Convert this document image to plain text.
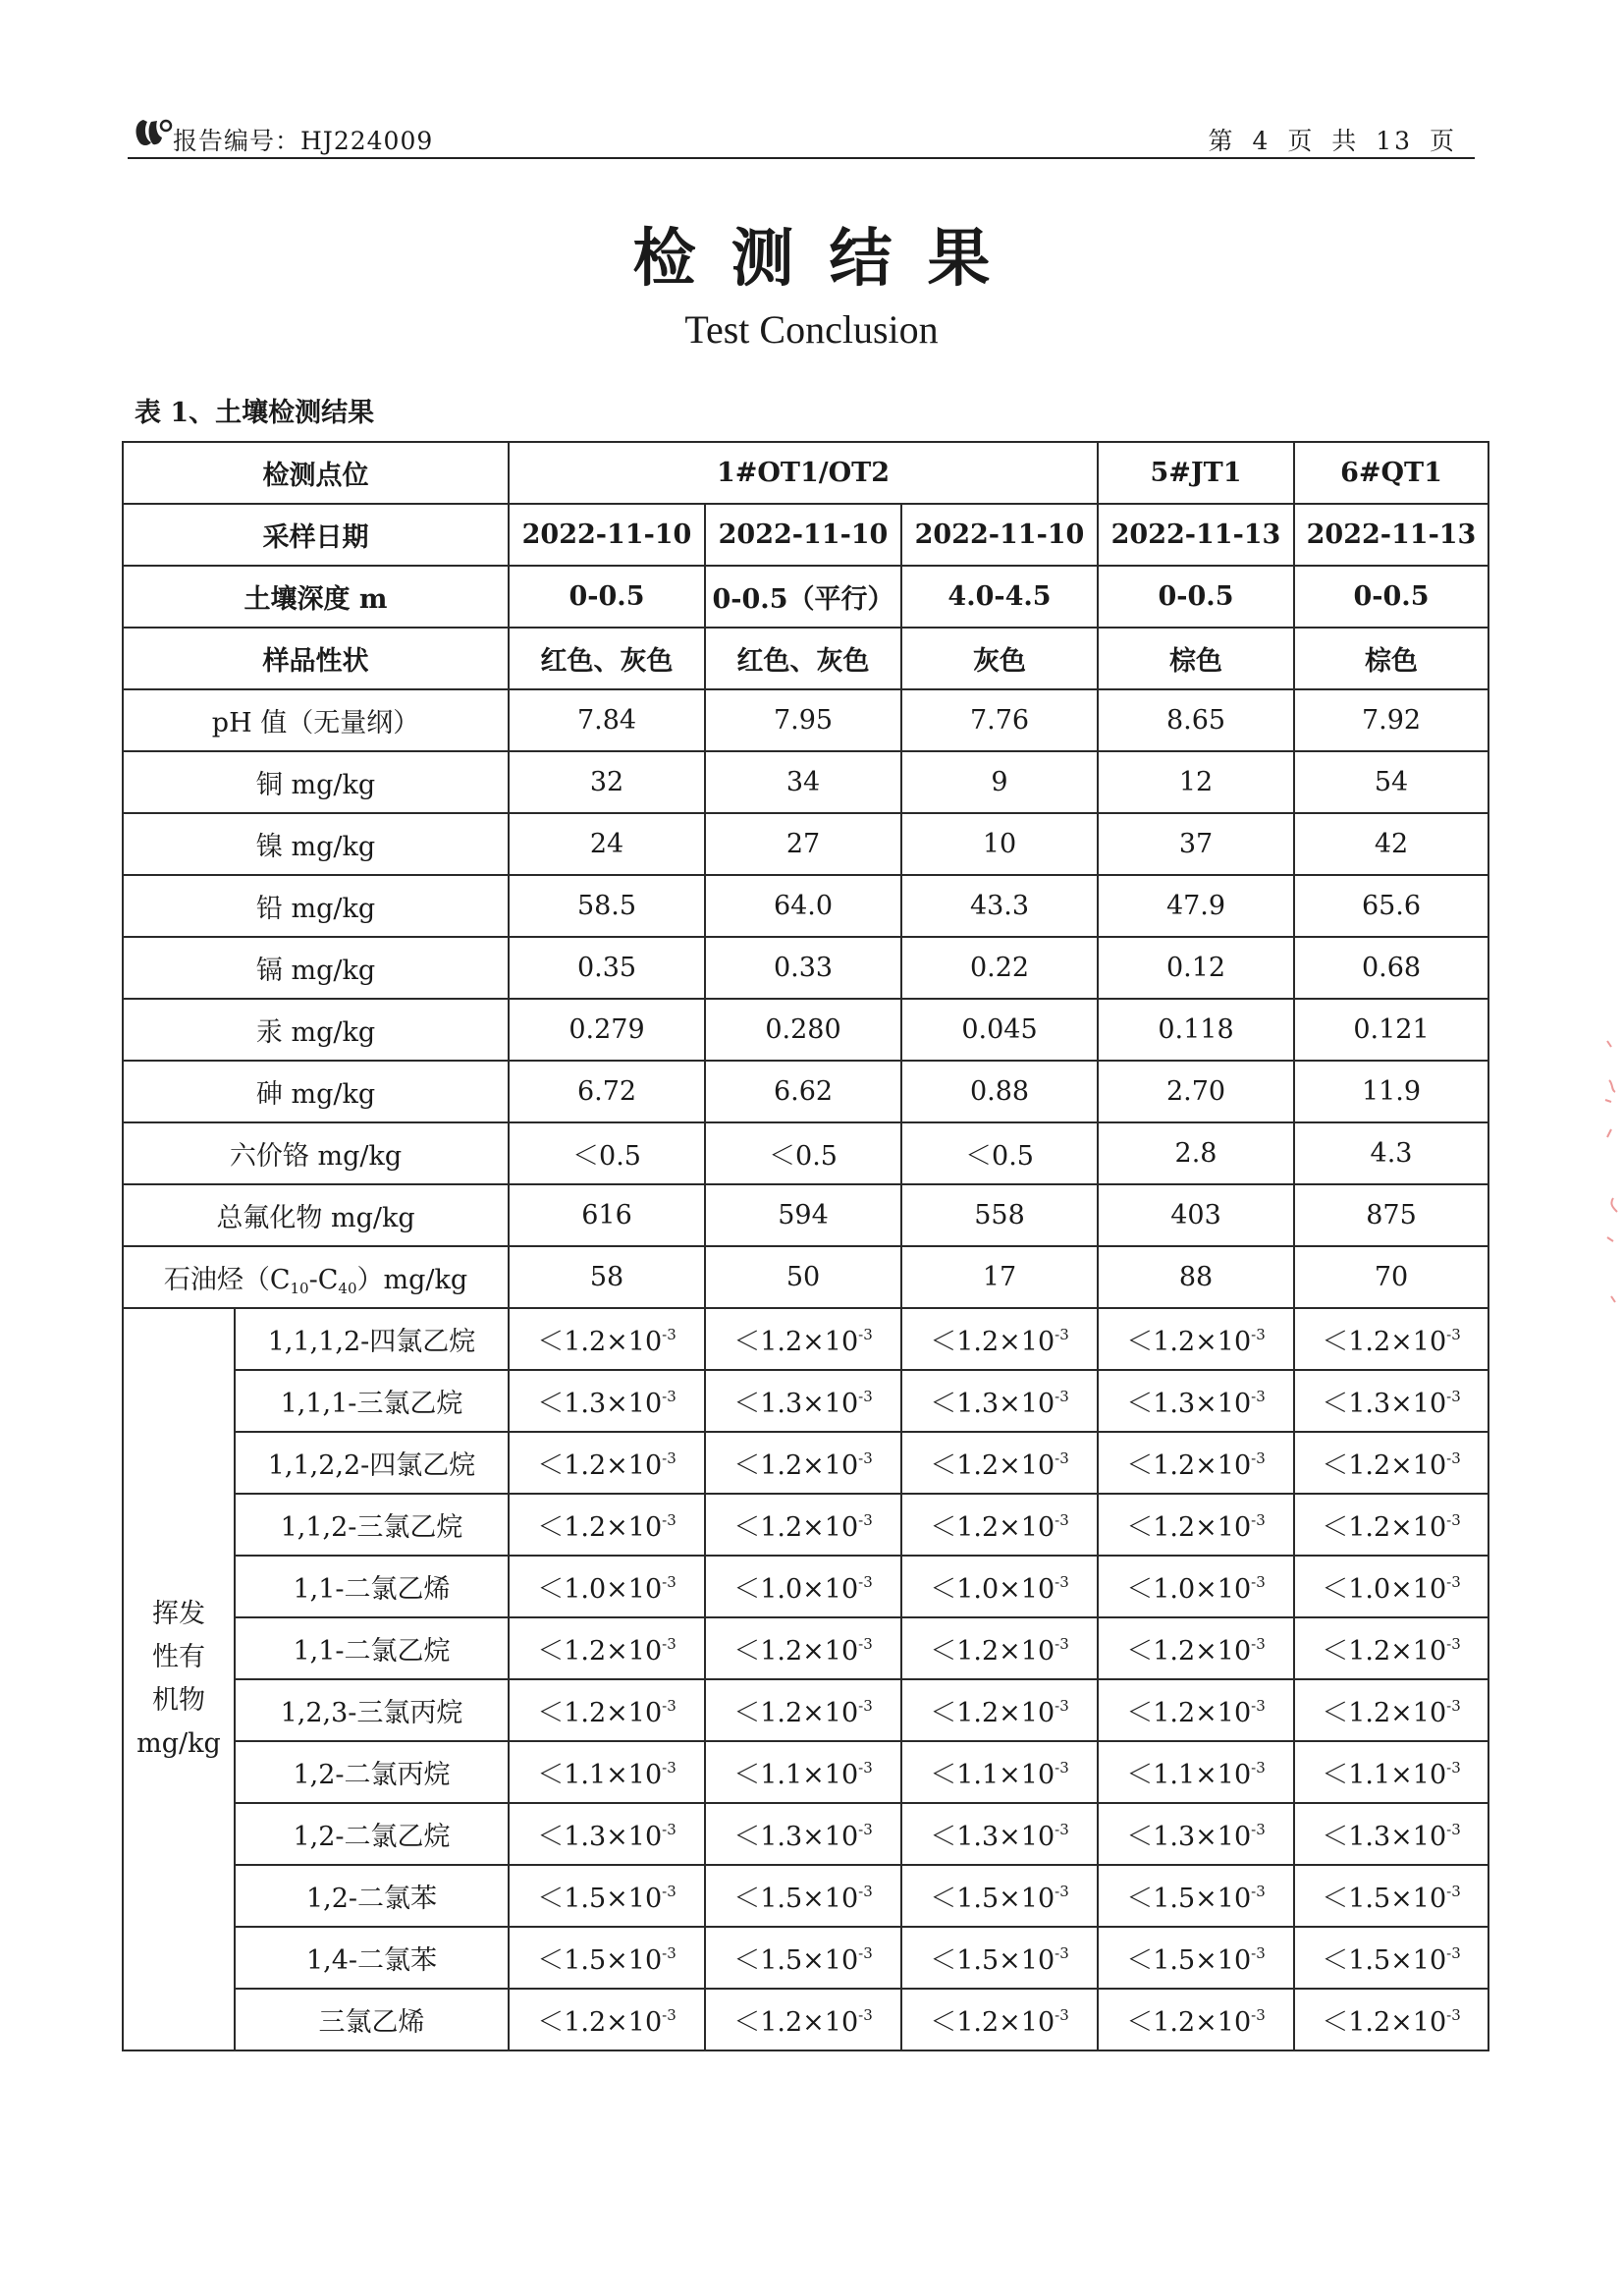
报告编号：HJ224009	第 4 页 共 13 页
检测结果
Test Conclusion
表 1、土壤检测结果
检测点位		1#OT1/OT2			5#JT1	6#QT1
采样日期		2022-11-10	2022-11-10	2022-11-10	2022-11-13	2022-11-13
土壤深度 m		0-0.5	0-0.5（平行）	4.0-4.5	0-0.5	0-0.5
样品性状		红色、灰色	红色、灰色	灰色	棕色	棕色
pH 值（无量纲）		7.84	7.95	7.76	8.65	7.92
铜 mg/kg		32	34	9	12	54
镍 mg/kg		24	27	10	37	42
铅 mg/kg		58.5	64.0	43.3	47.9	65.6
镉 mg/kg		0.35	0.33	0.22	0.12	0.68
汞 mg/kg		0.279	0.280	0.045	0.118	0.121
砷 mg/kg		6.72	6.62	0.88	2.70	11.9
六价铬 mg/kg		＜0.5	＜0.5	＜0.5	2.8	4.3
总氟化物 mg/kg		616	594	558	403	875
石油烃$(C_{10}-C_{40})mg/kg$		58	50	17	88	70

挥发
性有
机物
mg/kg	1,1,1,2-四氯乙烷	$<1.2\times 10^{-3}$	$<1.2\times 10^{-3}$	$<1.2\times 10^{-3}$	$<1.2\times 10^{-3}$	$<1.2\times 10^{-3}$
	1,1,1-三氯乙烷	$<1.3\times 10^{-3}$	$<1.3\times 10^{-3}$	$<1.3\times 10^{-3}$	$<1.3\times 10^{-3}$	$<1.3\times 10^{-3}$
	1,1,2,2-四氯乙烷	$<1.2\times 10^{-3}$	$<1.2\times 10^{-3}$	$<1.2\times 10^{-3}$	$<1.2\times 10^{-3}$	$<1.2\times 10^{-3}$
	1,1,2-三氯乙烷	$<1.2\times 10^{-3}$	$<1.2\times 10^{-3}$	$<1.2\times 10^{-3}$	$<1.2\times 10^{-3}$	$<1.2\times 10^{-3}$
	1,1-二氯乙烯	$<1.0\times 10^{-3}$	$<1.0\times 10^{-3}$	$<1.0\times 10^{-3}$	$<1.0\times 10^{-3}$	$<1.0\times 10^{-3}$
	1,1-二氯乙烷	$<1.2\times 10^{-3}$	$<1.2\times 10^{-3}$	$<1.2\times 10^{-3}$	$<1.2\times 10^{-3}$	$<1.2\times 10^{-3}$
	1,2,3-三氯丙烷	$<1.2\times 10^{-3}$	$<1.2\times 10^{-3}$	$<1.2\times 10^{-3}$	$<1.2\times 10^{-3}$	$<1.2\times 10^{-3}$
	1,2-二氯丙烷	$<1.1\times 10^{-3}$	$<1.1\times 10^{-3}$	$<1.1\times 10^{-3}$	$<1.1\times 10^{-3}$	$<1.1\times 10^{-3}$
	1,2-二氯乙烷	$<1.3\times 10^{-3}$	$<1.3\times 10^{-3}$	$<1.3\times 10^{-3}$	$<1.3\times 10^{-3}$	$<1.3\times 10^{-3}$
	1,2-二氯苯	$<1.5\times 10^{-3}$	$<1.5\times 10^{-3}$	$<1.5\times 10^{-3}$	$<1.5\times 10^{-3}$	$<1.5\times 10^{-3}$
	1,4-二氯苯	$<1.5\times 10^{-3}$	$<1.5\times 10^{-3}$	$<1.5\times 10^{-3}$	$<1.5\times 10^{-3}$	$<1.5\times 10^{-3}$
	三氯乙烯	$<1.2\times 10^{-3}$	$<1.2\times 10^{-3}$	$<1.2\times 10^{-3}$	$<1.2\times 10^{-3}$	$<1.2\times 10^{-3}$
